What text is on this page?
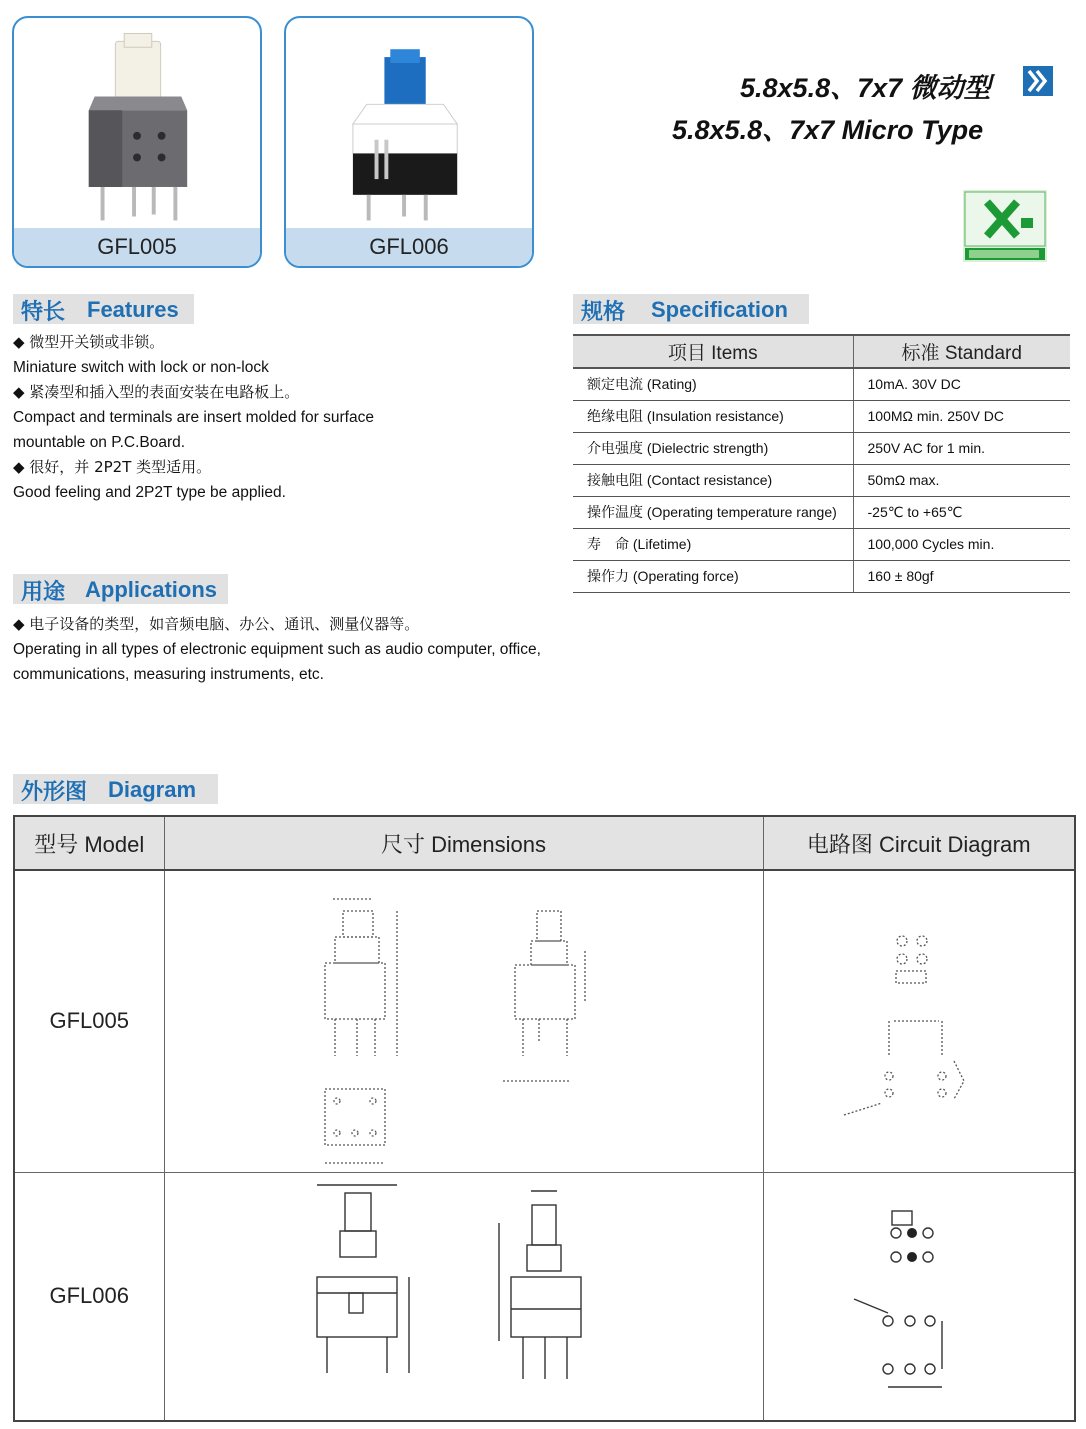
GFL005	GFL006
5.8x5.8、7x7 微动型
5.8x5.8、7x7 Micro Type
特长 Features
◆ 微型开关锁或非锁。
Miniature switch with lock or non-lock
◆ 紧凑型和插入型的表面安装在电路板上。
Compact and terminals are insert molded for surface
mountable on P.C.Board.
◆ 很好，并 2P2T 类型适用。
Good feeling and 2P2T type be applied.
用途 Applications
◆ 电子设备的类型，如音频电脑、办公、通讯、测量仪器等。
Operating in all types of electronic equipment such as audio computer, office,
communications, measuring instruments, etc.
规格 Specification
项目 Items	标准 Standard
额定电流 (Rating)	10mA. 30V DC
绝缘电阻 (Insulation resistance)	100MΩ min. 250V DC
介电强度 (Dielectric strength)	250V AC for 1 min.
接触电阻 (Contact resistance)	50mΩ max.
操作温度 (Operating temperature range)	-25℃ to +65℃
寿　命 (Lifetime)	100,000 Cycles min.
操作力 (Operating force)	160 ± 80gf
外形图 Diagram
型号 Model	尺寸 Dimensions	电路图 Circuit Diagram
GFL005	

GFL006	
